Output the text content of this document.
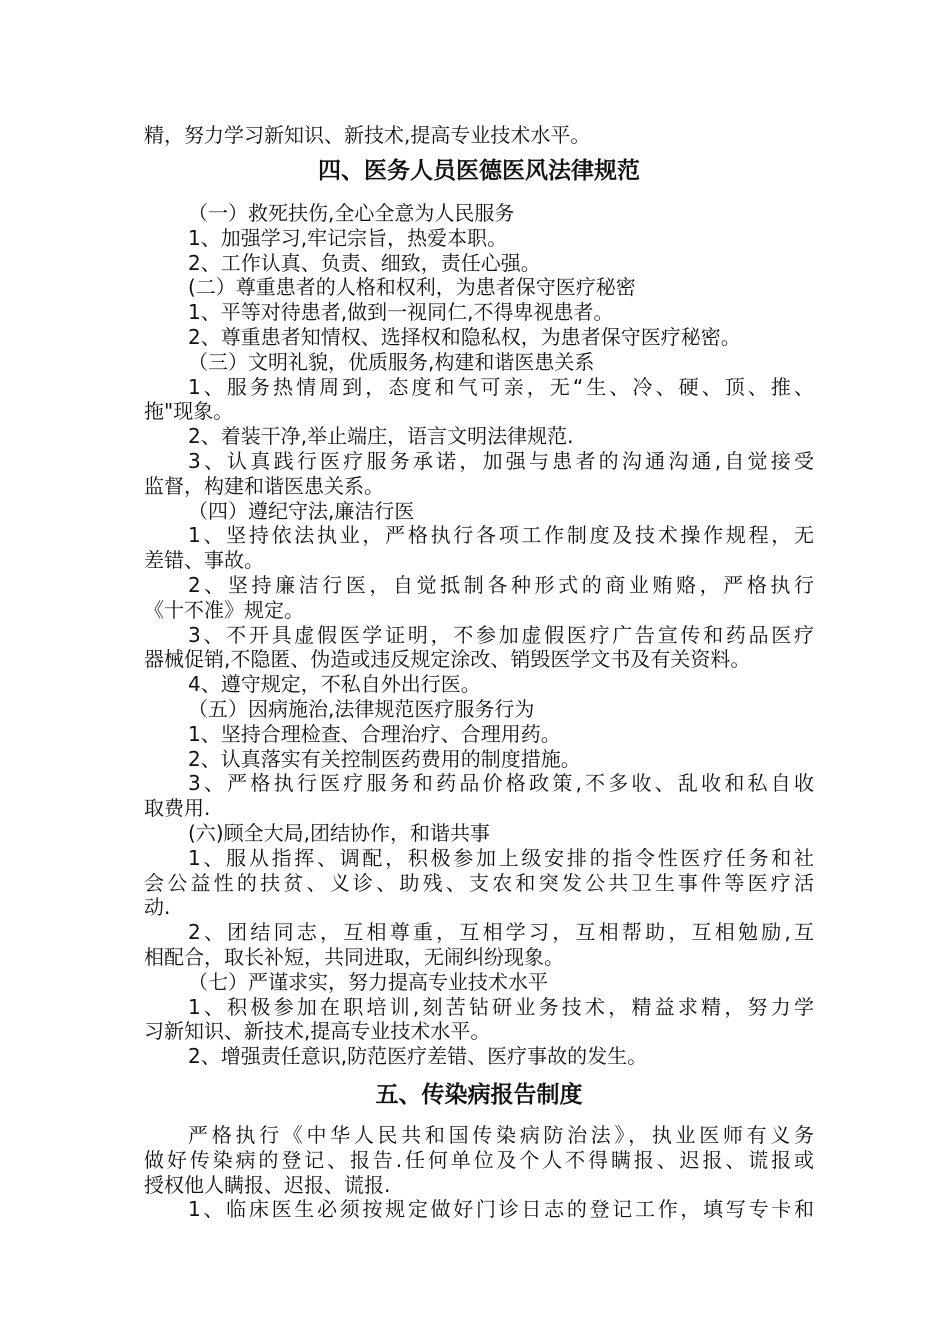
精，努力学习新知识、新技术,提高专业技术水平。
四、医务人员医德医风法律规范
（一）救死扶伤,全心全意为人民服务
1、加强学习,牢记宗旨，热爱本职。
2、工作认真、负责、细致，责任心强。
(二）尊重患者的人格和权利，为患者保守医疗秘密
1、平等对待患者,做到一视同仁,不得卑视患者。
2、尊重患者知情权、选择权和隐私权，为患者保守医疗秘密。
（三）文明礼貌，优质服务,构建和谐医患关系
1、服务热情周到，态度和气可亲，无“生、冷、硬、顶、推、
拖"现象。
2、着装干净,举止端庄，语言文明法律规范.
3、认真践行医疗服务承诺，加强与患者的沟通沟通,自觉接受
监督，构建和谐医患关系。
（四）遵纪守法,廉洁行医
1、坚持依法执业，严格执行各项工作制度及技术操作规程，无
差错、事故。
2、坚持廉洁行医，自觉抵制各种形式的商业贿赂，严格执行
《十不准》规定。
3、不开具虚假医学证明，不参加虚假医疗广告宣传和药品医疗
器械促销,不隐匿、伪造或违反规定涂改、销毁医学文书及有关资料。
4、遵守规定，不私自外出行医。
（五）因病施治,法律规范医疗服务行为
1、坚持合理检查、合理治疗、合理用药。
2、认真落实有关控制医药费用的制度措施。
3、严格执行医疗服务和药品价格政策,不多收、乱收和私自收
取费用.
(六)顾全大局,团结协作，和谐共事
1、服从指挥、调配，积极参加上级安排的指令性医疗任务和社
会公益性的扶贫、义诊、助残、支农和突发公共卫生事件等医疗活
动.
2、团结同志，互相尊重，互相学习，互相帮助，互相勉励,互
相配合，取长补短，共同进取，无闹纠纷现象。
（七）严谨求实，努力提高专业技术水平
1、积极参加在职培训,刻苦钻研业务技术，精益求精，努力学
习新知识、新技术,提高专业技术水平。
2、增强责任意识,防范医疗差错、医疗事故的发生。
五、传染病报告制度
严格执行《中华人民共和国传染病防治法》，执业医师有义务
做好传染病的登记、报告.任何单位及个人不得瞒报、迟报、谎报或
授权他人瞒报、迟报、谎报.
1、临床医生必须按规定做好门诊日志的登记工作，填写专卡和
